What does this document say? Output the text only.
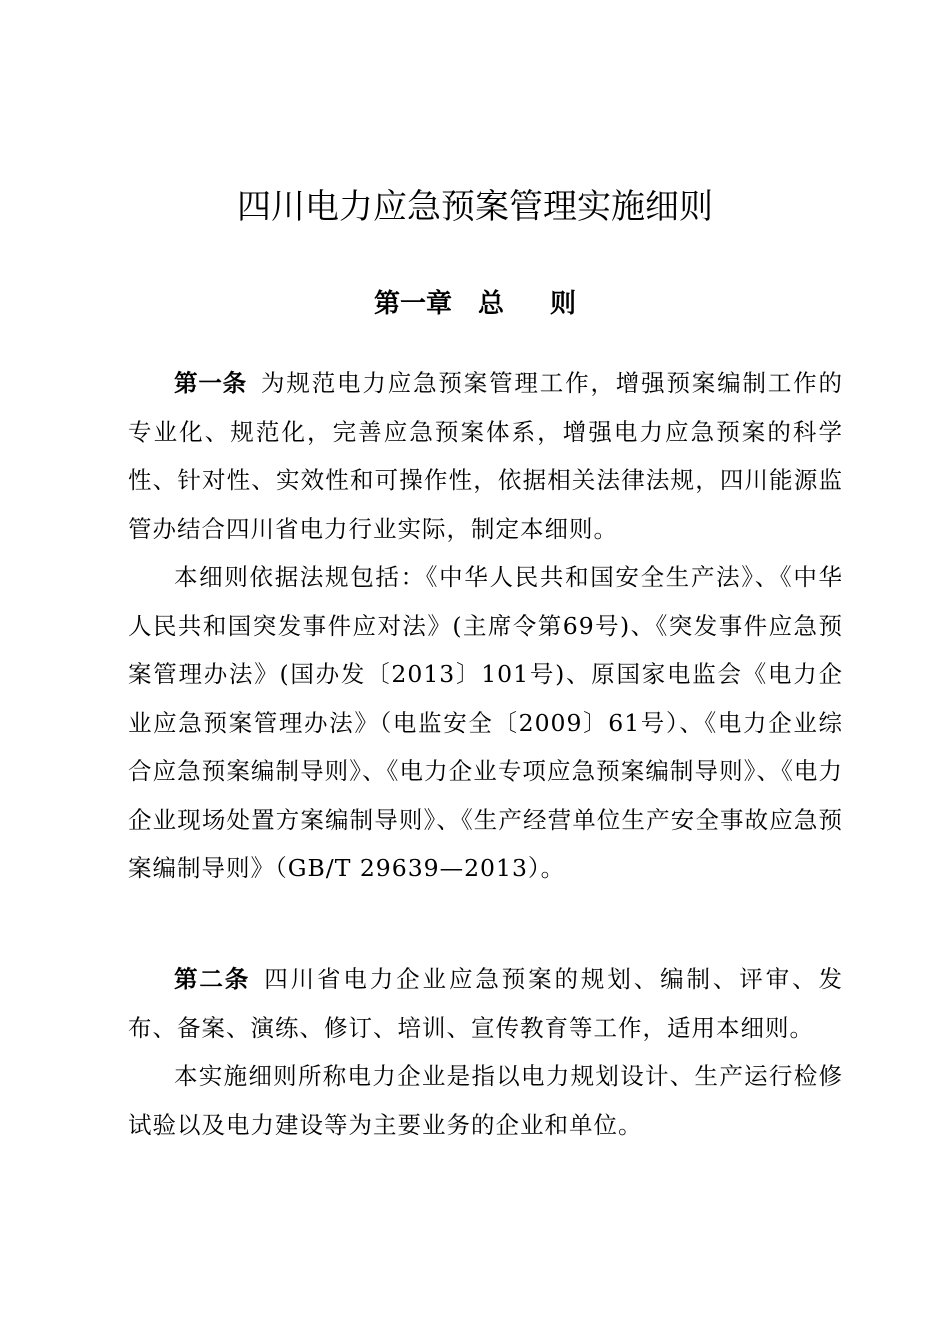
四川电力应急预案管理实施细则
第一章 总 则

第一条 为规范电力应急预案管理工作，增强预案编制工作的专业化、规范化，完善应急预案体系，增强电力应急预案的科学性、针对性、实效性和可操作性，依据相关法律法规，四川能源监管办结合四川省电力行业实际，制定本细则。

本细则依据法规包括：《中华人民共和国安全生产法》、《中华人民共和国突发事件应对法》(主席令第69号)、《突发事件应急预案管理办法》(国办发〔2013〕101号)、原国家电监会《电力企业应急预案管理办法》（电监安全〔2009〕61号）、《电力企业综合应急预案编制导则》、《电力企业专项应急预案编制导则》、《电力企业现场处置方案编制导则》、《生产经营单位生产安全事故应急预案编制导则》（GB/T 29639—2013）。

第二条 四川省电力企业应急预案的规划、编制、评审、发布、备案、演练、修订、培训、宣传教育等工作，适用本细则。

本实施细则所称电力企业是指以电力规划设计、生产运行检修试验以及电力建设等为主要业务的企业和单位。
